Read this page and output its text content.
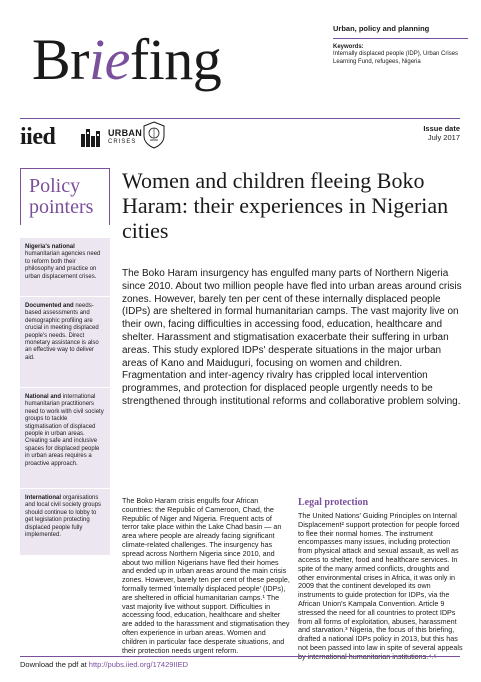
Briefing	Urban, policy and planning
Keywords:
Internally displaced people (IDP), Urban Crises Learning Fund, refugees, Nigeria
iied	URBAN
CRISES
Issue date
July 2017
Policy
pointers
Nigeria's national humanitarian agencies need to reform both their philosophy and practice on urban displacement crises.
Documented and needs-based assessments and demographic profiling are crucial in meeting displaced people's needs. Direct monetary assistance is also an effective way to deliver aid.
National and international humanitarian practitioners need to work with civil society groups to tackle stigmatisation of displaced people in urban areas. Creating safe and inclusive spaces for displaced people in urban areas requires a proactive approach.
International organisations and local civil society groups should continue to lobby to get legislation protecting displaced people fully implemented.
Women and children fleeing Boko Haram: their experiences in Nigerian cities
The Boko Haram insurgency has engulfed many parts of Northern Nigeria since 2010. About two million people have fled into urban areas around crisis zones. However, barely ten per cent of these internally displaced people (IDPs) are sheltered in formal humanitarian camps. The vast majority live on their own, facing difficulties in accessing food, education, healthcare and shelter. Harassment and stigmatisation exacerbate their suffering in urban areas. This study explored IDPs' desperate situations in the major urban areas of Kano and Maiduguri, focusing on women and children. Fragmentation and inter-agency rivalry has crippled local intervention programmes, and protection for displaced people urgently needs to be strengthened through institutional reforms and collaborative problem solving.
The Boko Haram crisis engulfs four African countries: the Republic of Cameroon, Chad, the Republic of Niger and Nigeria. Frequent acts of terror take place within the Lake Chad basin — an area where people are already facing significant climate-related challenges. The insurgency has spread across Northern Nigeria since 2010, and about two million Nigerians have fled their homes and ended up in urban areas around the main crisis zones. However, barely ten per cent of these people, formally termed 'internally displaced people' (IDPs), are sheltered in official humanitarian camps.¹ The vast majority live without support. Difficulties in accessing food, education, healthcare and shelter are added to the harassment and stigmatisation they often experience in urban areas. Women and children in particular face desperate situations, and their protection needs urgent reform.
Legal protection
The United Nations' Guiding Principles on Internal Displacement² support protection for people forced to flee their normal homes. The instrument encompasses many issues, including protection from physical attack and sexual assault, as well as access to shelter, food and healthcare services. In spite of the many armed conflicts, droughts and other environmental crises in Africa, it was only in 2009 that the continent developed its own instruments to guide protection for IDPs, via the African Union's Kampala Convention. Article 9 stressed the need for all countries to protect IDPs from all forms of exploitation, abuses, harassment and starvation.³ Nigeria, the focus of this briefing, drafted a national IDPs policy in 2013, but this has not been passed into law in spite of several appeals
Download the pdf at http://pubs.iied.org/17429IIED
